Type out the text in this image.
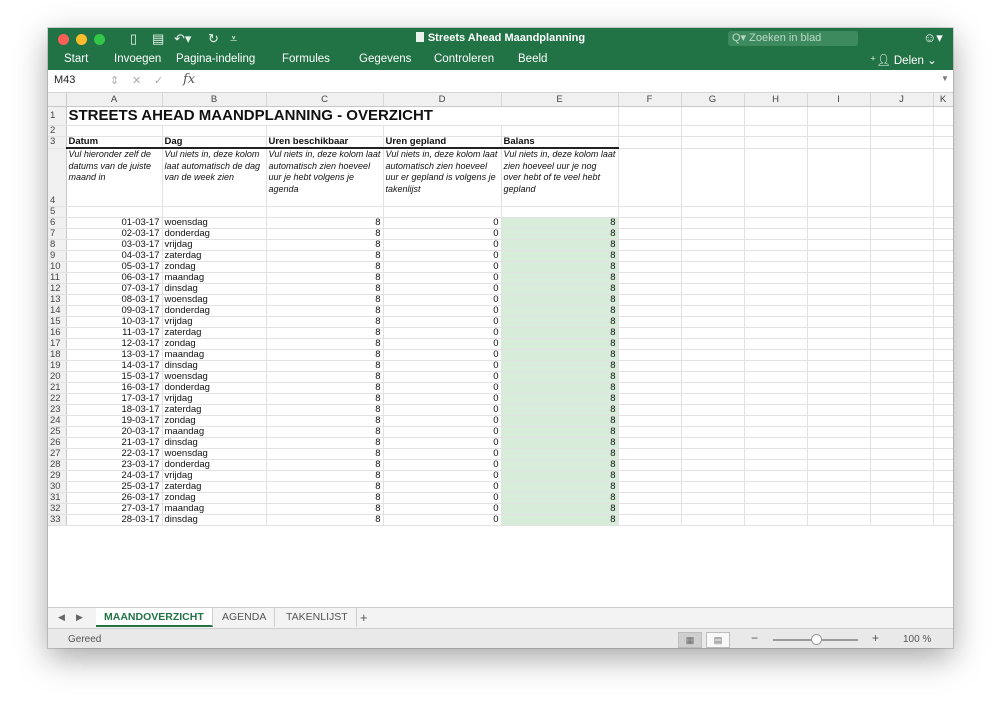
▯ ▤ ↶▾ ↻ ⩡	Streets Ahead Maandplanning	Q▾ Zoeken in blad	☺▾
Start Invoegen Pagina-indeling Formules	Gegevens Controleren Beeld	⁺👤︎ Delen ⌄
M43	⇕ ✕ ✓ fx	▼
	A	B	C	D	E	F	G	H	I	J	K
1	STREETS AHEAD MAANDPLANNING - OVERZICHT										
2											
3	Datum	Dag	Uren beschikbaar	Uren gepland	Balans						
4	Vul hieronder zelf de datums van de juiste maand in	Vul niets in, deze kolom laat automatisch de dag van de week zien	Vul niets in, deze kolom laat automatisch zien hoeveel uur je hebt volgens je agenda	Vul niets in, deze kolom laat automatisch zien hoeveel uur er gepland is volgens je takenlijst	Vul niets in, deze kolom laat zien hoeveel uur je nog over hebt of te veel hebt gepland						
5											
6	01-03-17	woensdag	8	0	8						
7	02-03-17	donderdag	8	0	8						
8	03-03-17	vrijdag	8	0	8						
9	04-03-17	zaterdag	8	0	8						
10	05-03-17	zondag	8	0	8						
11	06-03-17	maandag	8	0	8						
12	07-03-17	dinsdag	8	0	8						
13	08-03-17	woensdag	8	0	8						
14	09-03-17	donderdag	8	0	8						
15	10-03-17	vrijdag	8	0	8						
16	11-03-17	zaterdag	8	0	8						
17	12-03-17	zondag	8	0	8						
18	13-03-17	maandag	8	0	8						
19	14-03-17	dinsdag	8	0	8						
20	15-03-17	woensdag	8	0	8						
21	16-03-17	donderdag	8	0	8						
22	17-03-17	vrijdag	8	0	8						
23	18-03-17	zaterdag	8	0	8						
24	19-03-17	zondag	8	0	8						
25	20-03-17	maandag	8	0	8						
26	21-03-17	dinsdag	8	0	8						
27	22-03-17	woensdag	8	0	8						
28	23-03-17	donderdag	8	0	8						
29	24-03-17	vrijdag	8	0	8						
30	25-03-17	zaterdag	8	0	8						
31	26-03-17	zondag	8	0	8						
32	27-03-17	maandag	8	0	8						
33	28-03-17	dinsdag	8	0	8						
◀ ▶	MAANDOVERZICHT	AGENDA	TAKENLIJST +
Gereed	▦	▤	−	+ 100 %
